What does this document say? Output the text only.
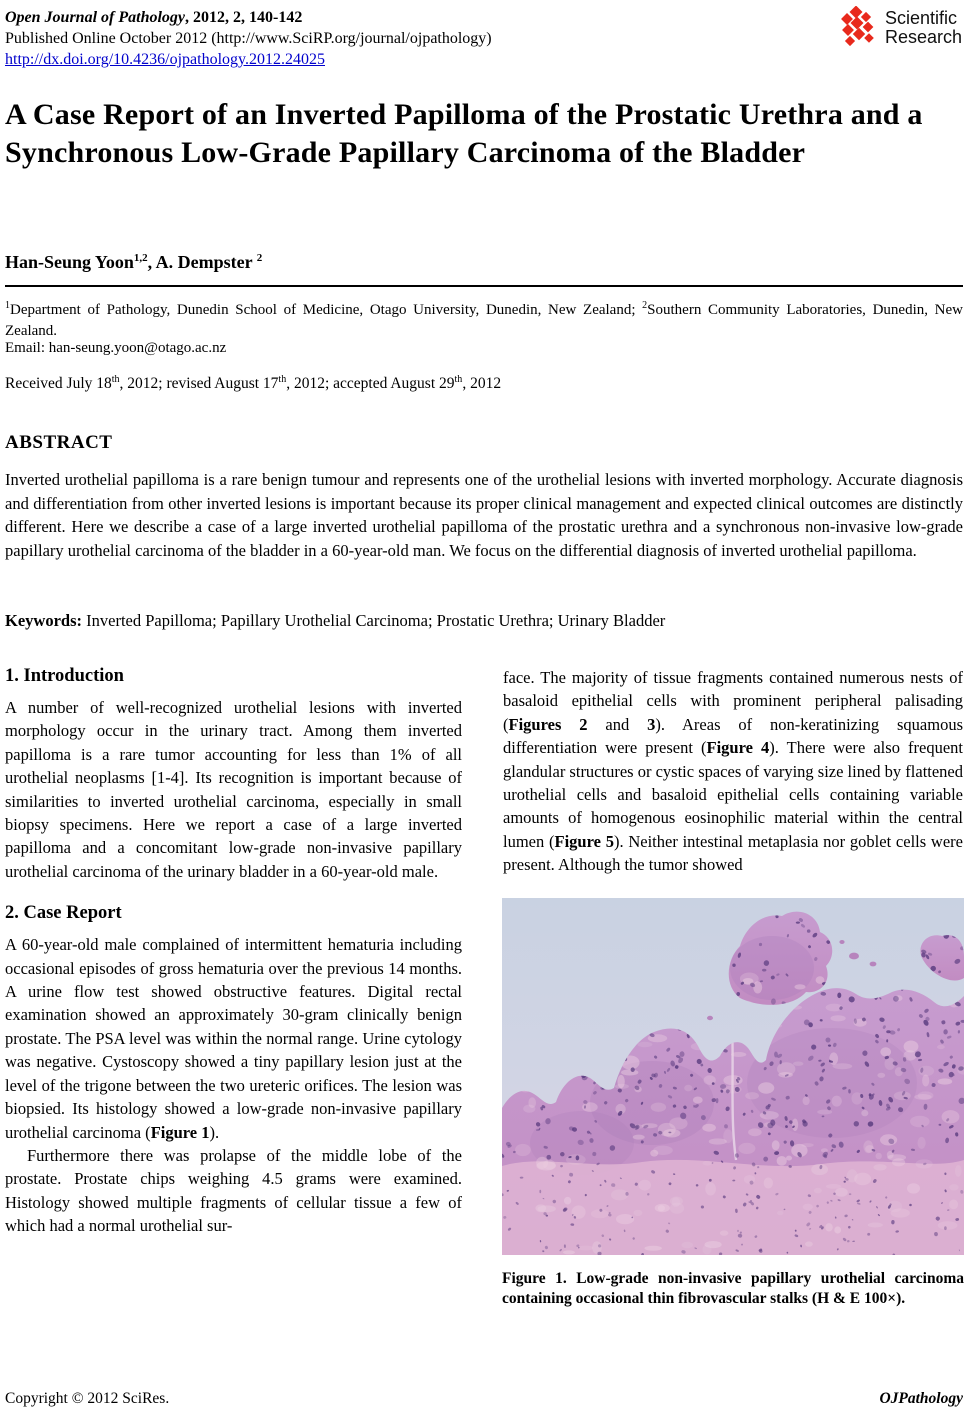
Open Journal of Pathology, 2012, 2, 140-142
Published Online October 2012 (http://www.SciRP.org/journal/ojpathology)
http://dx.doi.org/10.4236/ojpathology.2012.24025
Scientific
Research
A Case Report of an Inverted Papilloma of the Prostatic Urethra and a Synchronous Low-Grade Papillary Carcinoma of the Bladder
Han-Seung Yoon$^{1,2}$, A. Dempster $^2$
$^1$Department of Pathology, Dunedin School of Medicine, Otago University, Dunedin, New Zealand; $^2$Southern Community Laboratories, Dunedin, New Zealand.
Email: han-seung.yoon@otago.ac.nz
Received July 18th, 2012; revised August 17th, 2012; accepted August 29th, 2012
ABSTRACT
Inverted urothelial papilloma is a rare benign tumour and represents one of the urothelial lesions with inverted morphology. Accurate diagnosis and differentiation from other inverted lesions is important because its proper clinical management and expected clinical outcomes are distinctly different. Here we describe a case of a large inverted urothelial papilloma of the prostatic urethra and a synchronous non-invasive low-grade papillary urothelial carcinoma of the bladder in a 60-year-old man. We focus on the differential diagnosis of inverted urothelial papilloma.
Keywords: Inverted Papilloma; Papillary Urothelial Carcinoma; Prostatic Urethra; Urinary Bladder
1. Introduction

A number of well-recognized urothelial lesions with inverted morphology occur in the urinary tract. Among them inverted papilloma is a rare tumor accounting for less than 1% of all urothelial neoplasms [1-4]. Its recognition is important because of similarities to inverted urothelial carcinoma, especially in small biopsy specimens. Here we report a case of a large inverted papilloma and a concomitant low-grade non-invasive papillary urothelial carcinoma of the urinary bladder in a 60-year-old male.

2. Case Report

A 60-year-old male complained of intermittent hematuria including occasional episodes of gross hematuria over the previous 14 months. A urine flow test showed obstructive features. Digital rectal examination showed an approximately 30-gram clinically benign prostate. The PSA level was within the normal range. Urine cytology was negative. Cystoscopy showed a tiny papillary lesion just at the level of the trigone between the two ureteric orifices. The lesion was biopsied. Its histology showed a low-grade non-invasive papillary urothelial carcinoma (Figure 1).

Furthermore there was prolapse of the middle lobe of the prostate. Prostate chips weighing 4.5 grams were examined. Histology showed multiple fragments of cellular tissue a few of which had a normal urothelial sur-

face. The majority of tissue fragments contained numerous nests of basaloid epithelial cells with prominent peripheral palisading (Figures 2 and 3). Areas of non-keratinizing squamous differentiation were present (Figure 4). There were also frequent glandular structures or cystic spaces of varying size lined by flattened urothelial cells and basaloid epithelial cells containing variable amounts of homogenous eosinophilic material within the central lumen (Figure 5). Neither intestinal metaplasia nor goblet cells were present. Although the tumor showed

Figure 1. Low-grade non-invasive papillary urothelial carcinoma containing occasional thin fibrovascular stalks (H & E 100×).
Copyright © 2012 SciRes.	OJPathology
